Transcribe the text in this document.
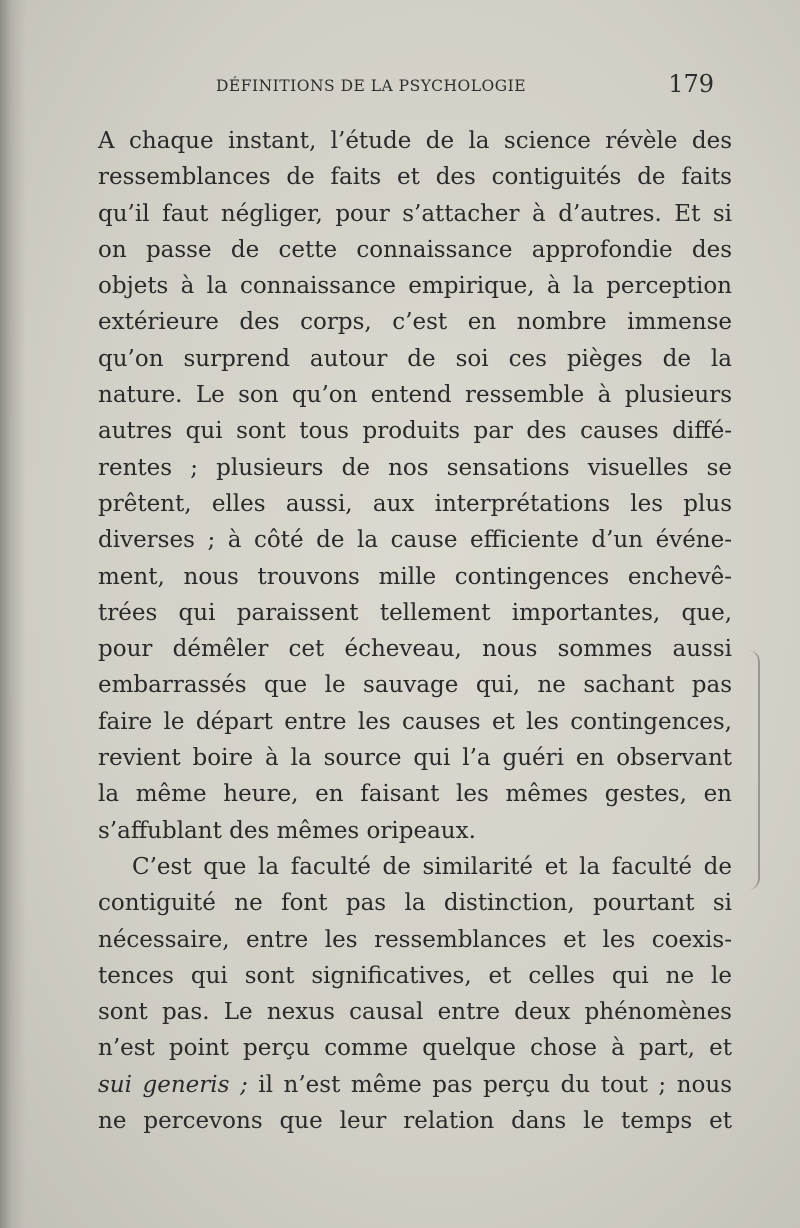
DÉFINITIONS DE LA PSYCHOLOGIE	179
A chaque instant, l’étude de la science révèle des
ressemblances de faits et des contiguités de faits
qu’il faut négliger, pour s’attacher à d’autres. Et si
on passe de cette connaissance approfondie des
objets à la connaissance empirique, à la perception
extérieure des corps, c’est en nombre immense
qu’on surprend autour de soi ces pièges de la
nature. Le son qu’on entend ressemble à plusieurs
autres qui sont tous produits par des causes diffé-
rentes ; plusieurs de nos sensations visuelles se
prêtent, elles aussi, aux interprétations les plus
diverses ; à côté de la cause efficiente d’un événe-
ment, nous trouvons mille contingences enchevê-
trées qui paraissent tellement importantes, que,
pour démêler cet écheveau, nous sommes aussi
embarrassés que le sauvage qui, ne sachant pas
faire le départ entre les causes et les contingences,
revient boire à la source qui l’a guéri en observant
la même heure, en faisant les mêmes gestes, en
s’affublant des mêmes oripeaux.
C’est que la faculté de similarité et la faculté de
contiguité ne font pas la distinction, pourtant si
nécessaire, entre les ressemblances et les coexis-
tences qui sont significatives, et celles qui ne le
sont pas. Le nexus causal entre deux phénomènes
n’est point perçu comme quelque chose à part, et
sui generis ; il n’est même pas perçu du tout ; nous
ne percevons que leur relation dans le temps et
